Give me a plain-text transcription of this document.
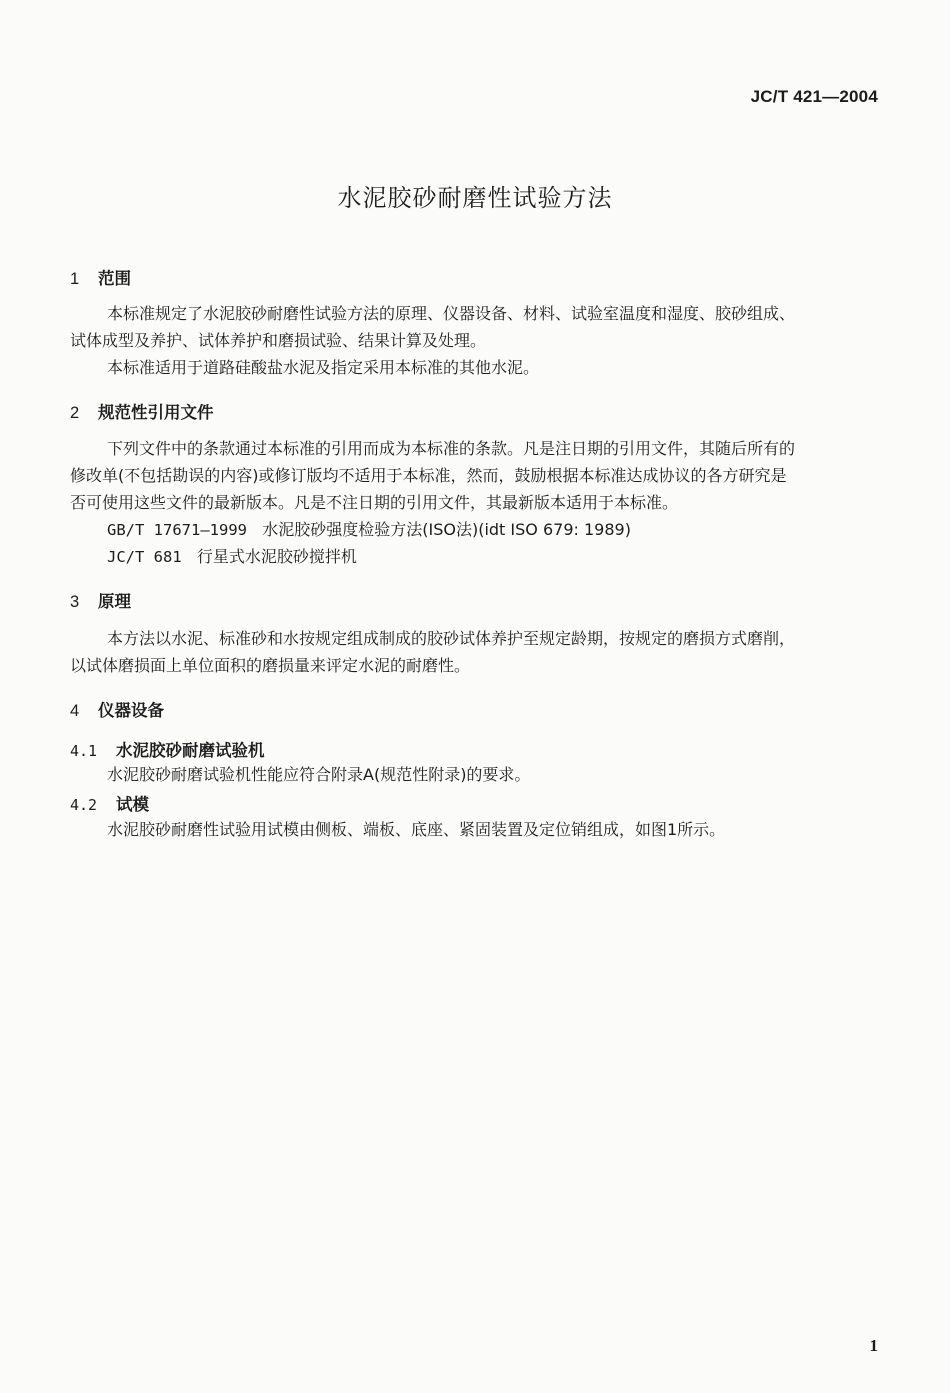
JC/T 421—2004
水泥胶砂耐磨性试验方法
1 范围
本标准规定了水泥胶砂耐磨性试验方法的原理、仪器设备、材料、试验室温度和湿度、胶砂组成、
试体成型及养护、试体养护和磨损试验、结果计算及处理。
本标准适用于道路硅酸盐水泥及指定采用本标准的其他水泥。
2 规范性引用文件
下列文件中的条款通过本标准的引用而成为本标准的条款。凡是注日期的引用文件，其随后所有的
修改单(不包括勘误的内容)或修订版均不适用于本标准，然而，鼓励根据本标准达成协议的各方研究是
否可使用这些文件的最新版本。凡是不注日期的引用文件，其最新版本适用于本标准。
GB/T 17671—1999 水泥胶砂强度检验方法(ISO法)(idt ISO 679: 1989)
JC/T 681 行星式水泥胶砂搅拌机
3 原理
本方法以水泥、标准砂和水按规定组成制成的胶砂试体养护至规定龄期，按规定的磨损方式磨削，
以试体磨损面上单位面积的磨损量来评定水泥的耐磨性。
4 仪器设备
4.1 水泥胶砂耐磨试验机
水泥胶砂耐磨试验机性能应符合附录A(规范性附录)的要求。
4.2 试模
水泥胶砂耐磨性试验用试模由侧板、端板、底座、紧固装置及定位销组成，如图1所示。
1
